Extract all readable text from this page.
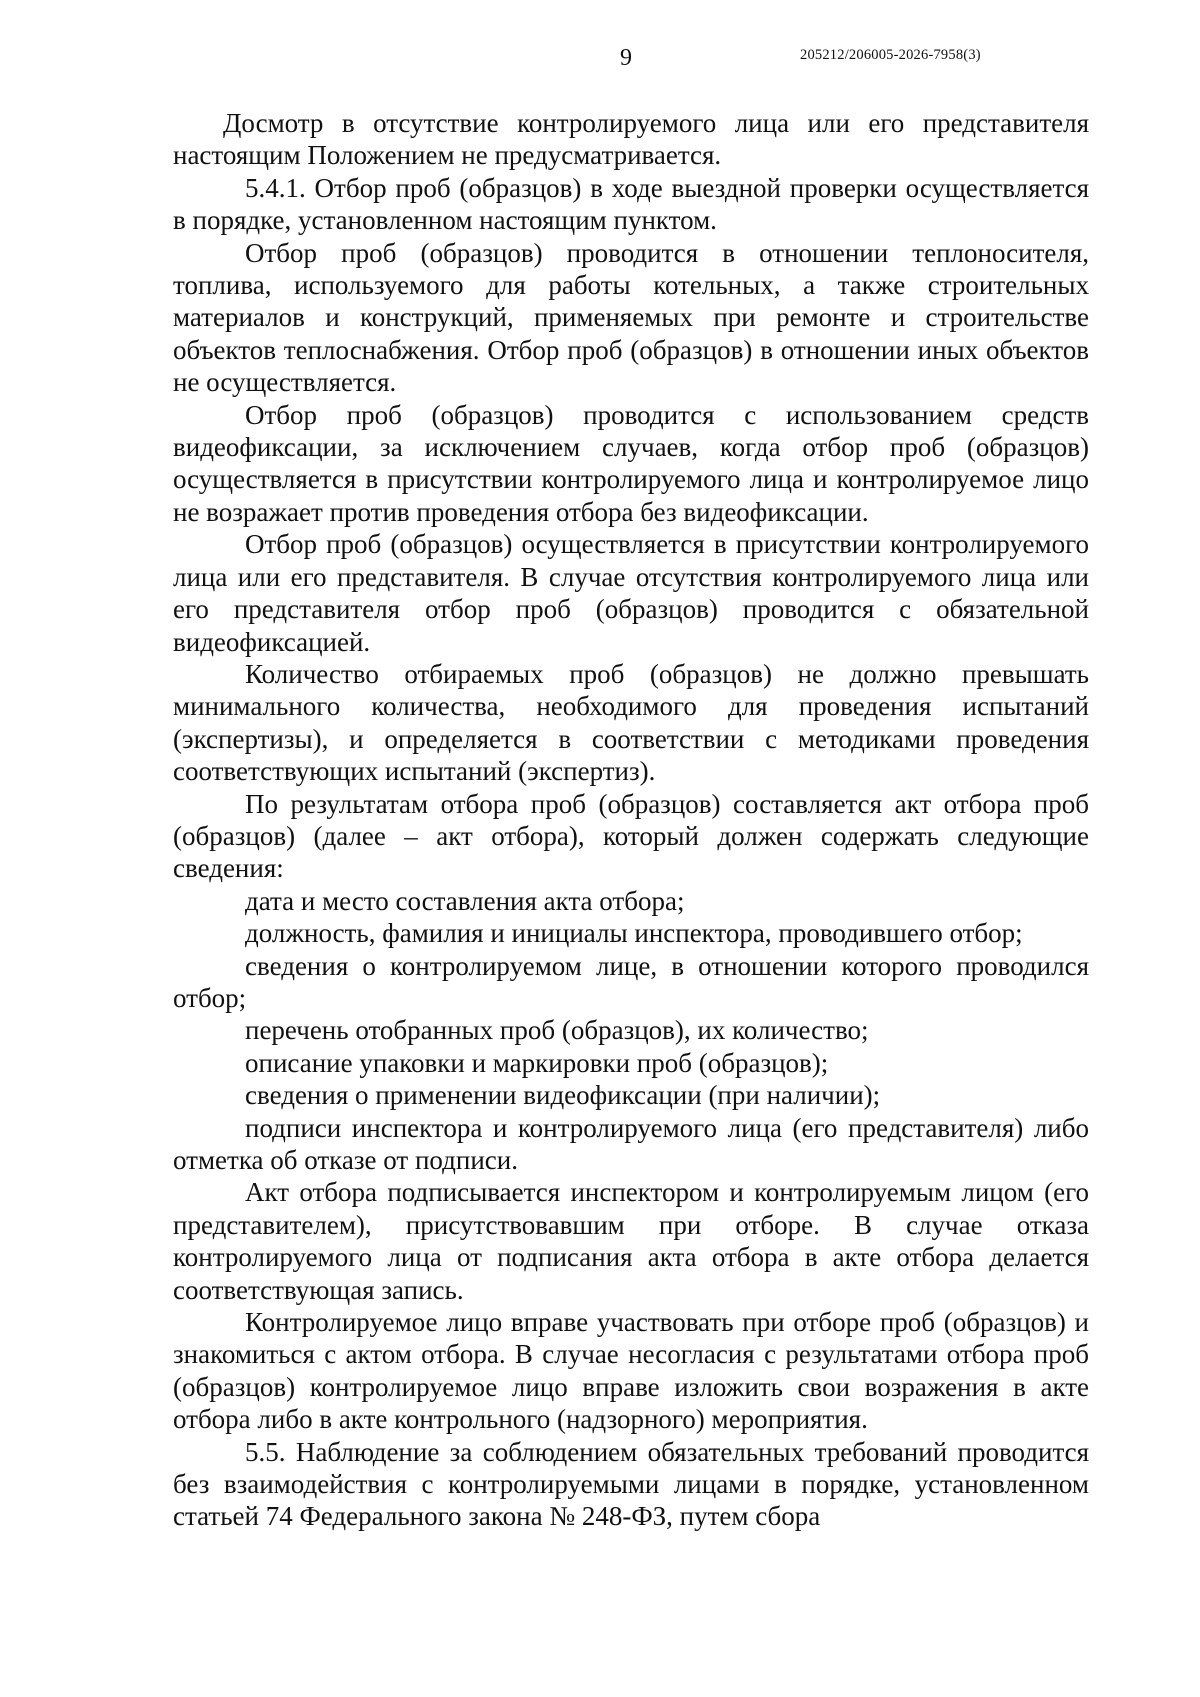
9	205212/206005-2026-7958(3)

Досмотр в отсутствие контролируемого лица или его представителя настоящим Положением не предусматривается.

5.4.1. Отбор проб (образцов) в ходе выездной проверки осуществляется в порядке, установленном настоящим пунктом.

Отбор проб (образцов) проводится в отношении теплоносителя, топлива, используемого для работы котельных, а также строительных материалов и конструкций, применяемых при ремонте и строительстве объектов теплоснабжения. Отбор проб (образцов) в отношении иных объектов не осуществляется.

Отбор проб (образцов) проводится с использованием средств видеофиксации, за исключением случаев, когда отбор проб (образцов) осуществляется в присутствии контролируемого лица и контролируемое лицо не возражает против проведения отбора без видеофиксации.

Отбор проб (образцов) осуществляется в присутствии контролируемого лица или его представителя. В случае отсутствия контролируемого лица или его представителя отбор проб (образцов) проводится с обязательной видеофиксацией.

Количество отбираемых проб (образцов) не должно превышать минимального количества, необходимого для проведения испытаний (экспертизы), и определяется в соответствии с методиками проведения соответствующих испытаний (экспертиз).

По результатам отбора проб (образцов) составляется акт отбора проб (образцов) (далее – акт отбора), который должен содержать следующие сведения:

дата и место составления акта отбора;

должность, фамилия и инициалы инспектора, проводившего отбор;

сведения о контролируемом лице, в отношении которого проводился отбор;

перечень отобранных проб (образцов), их количество;

описание упаковки и маркировки проб (образцов);

сведения о применении видеофиксации (при наличии);

подписи инспектора и контролируемого лица (его представителя) либо отметка об отказе от подписи.

Акт отбора подписывается инспектором и контролируемым лицом (его представителем), присутствовавшим при отборе. В случае отказа контролируемого лица от подписания акта отбора в акте отбора делается соответствующая запись.

Контролируемое лицо вправе участвовать при отборе проб (образцов) и знакомиться с актом отбора. В случае несогласия с результатами отбора проб (образцов) контролируемое лицо вправе изложить свои возражения в акте отбора либо в акте контрольного (надзорного) мероприятия.

5.5. Наблюдение за соблюдением обязательных требований проводится без взаимодействия с контролируемыми лицами в порядке, установленном статьей 74 Федерального закона № 248-ФЗ, путем сбора
